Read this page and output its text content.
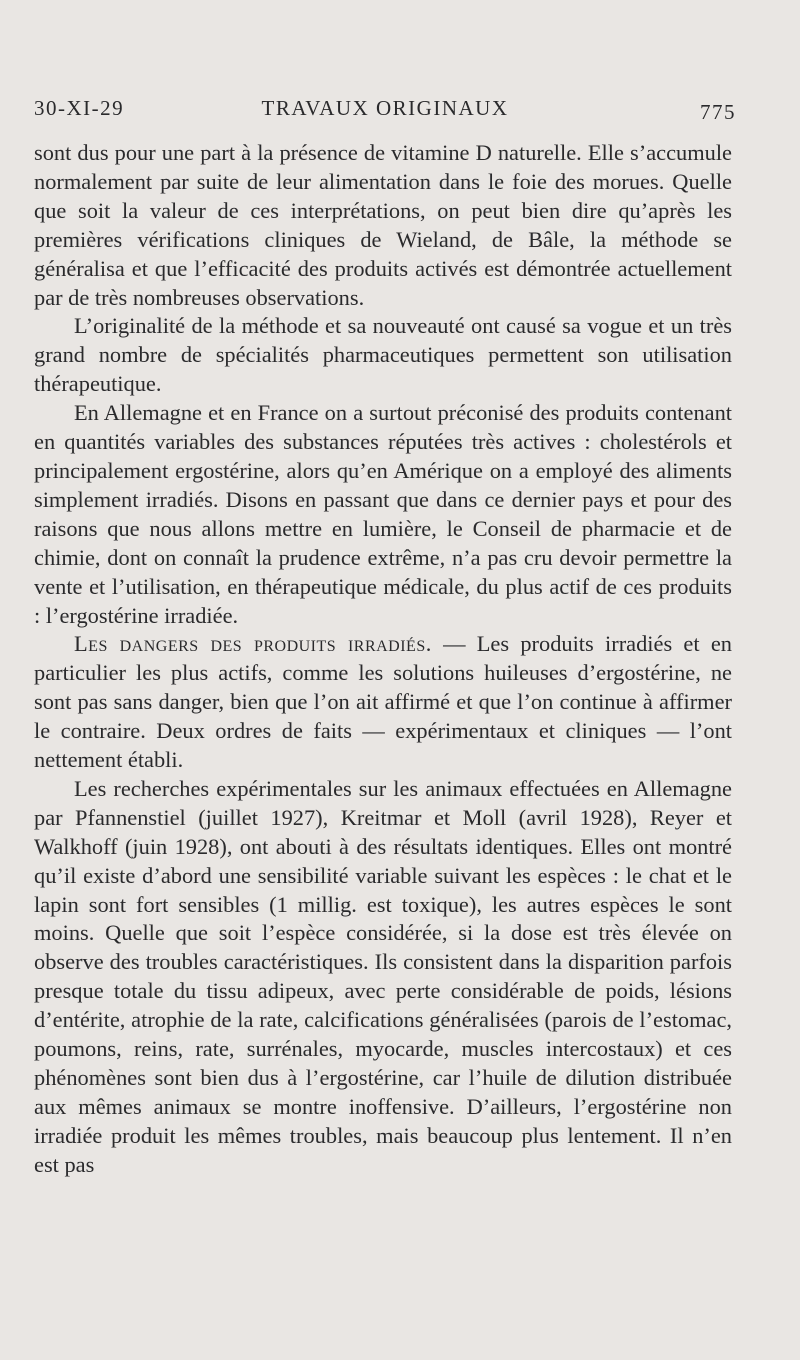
30-XI-29	TRAVAUX ORIGINAUX	775

sont dus pour une part à la présence de vitamine D naturelle. Elle s’accumule normalement par suite de leur alimentation dans le foie des morues. Quelle que soit la valeur de ces interprétations, on peut bien dire qu’après les premières vérifications cliniques de Wieland, de Bâle, la méthode se généralisa et que l’efficacité des produits activés est démontrée actuellement par de très nombreuses observations.

L’originalité de la méthode et sa nouveauté ont causé sa vogue et un très grand nombre de spécialités pharmaceutiques permettent son utilisation thérapeutique.

En Allemagne et en France on a surtout préconisé des produits contenant en quantités variables des substances réputées très actives : cholestérols et principalement ergostérine, alors qu’en Amérique on a employé des aliments simplement irradiés. Disons en passant que dans ce dernier pays et pour des raisons que nous allons mettre en lumière, le Conseil de pharmacie et de chimie, dont on connaît la prudence extrême, n’a pas cru devoir permettre la vente et l’utilisation, en thérapeutique médicale, du plus actif de ces produits : l’ergostérine irradiée.

Les dangers des produits irradiés. — Les produits irradiés et en particulier les plus actifs, comme les solutions huileuses d’ergostérine, ne sont pas sans danger, bien que l’on ait affirmé et que l’on continue à affirmer le contraire. Deux ordres de faits — expérimentaux et cliniques — l’ont nettement établi.

Les recherches expérimentales sur les animaux effectuées en Allemagne par Pfannenstiel (juillet 1927), Kreitmar et Moll (avril 1928), Reyer et Walkhoff (juin 1928), ont abouti à des résultats identiques. Elles ont montré qu’il existe d’abord une sensibilité variable suivant les espèces : le chat et le lapin sont fort sensibles (1 millig. est toxique), les autres espèces le sont moins. Quelle que soit l’espèce considérée, si la dose est très élevée on observe des troubles caractéristiques. Ils consistent dans la disparition parfois presque totale du tissu adipeux, avec perte considérable de poids, lésions d’entérite, atrophie de la rate, calcifications généralisées (parois de l’estomac, poumons, reins, rate, surrénales, myocarde, muscles intercostaux) et ces phénomènes sont bien dus à l’ergostérine, car l’huile de dilution distribuée aux mêmes animaux se montre inoffensive. D’ailleurs, l’ergostérine non irradiée produit les mêmes troubles, mais beaucoup plus lentement. Il n’en est pas
